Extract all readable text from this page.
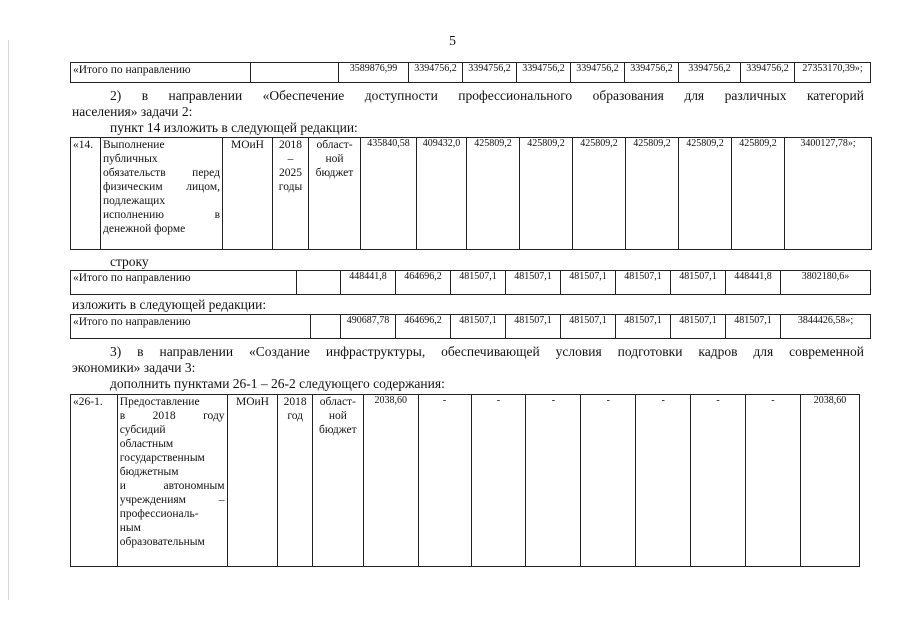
5
«Итого по направлению		3589876,99	3394756,2	3394756,2	3394756,2	3394756,2	3394756,2	3394756,2	3394756,2	27353170,39»;
2) в направлении «Обеспечение доступности профессионального образования для различных категорий
населения» задачи 2:
пункт 14 изложить в следующей редакции:
«14.	Выполнение
публичных
обязательств перед
физическим лицом,
подлежащих
исполнению в
денежной форме
	МОиН	2018
–
2025
годы

област-
ной
бюджет
	435840,58	409432,0	425809,2	425809,2	425809,2	425809,2	425809,2	425809,2	3400127,78»;
строку
«Итого по направлению		448441,8	464696,2	481507,1	481507,1	481507,1	481507,1	481507,1	448441,8	3802180,6»
изложить в следующей редакции:
«Итого по направлению		490687,78	464696,2	481507,1	481507,1	481507,1	481507,1	481507,1	481507,1	3844426,58»;
3) в направлении «Создание инфраструктуры, обеспечивающей условия подготовки кадров для современной
экономики» задачи 3:
дополнить пунктами 26-1 – 26-2 следующего содержания:
«26-1.	Предоставление
в 2018 году
субсидий
областным
государственным
бюджетным
и автономным
учреждениям –
профессиональ-
ным
образовательным
	МОиН	2018
год

област-
ной
бюджет
	2038,60	-	-	-	-	-	-	-	2038,60
